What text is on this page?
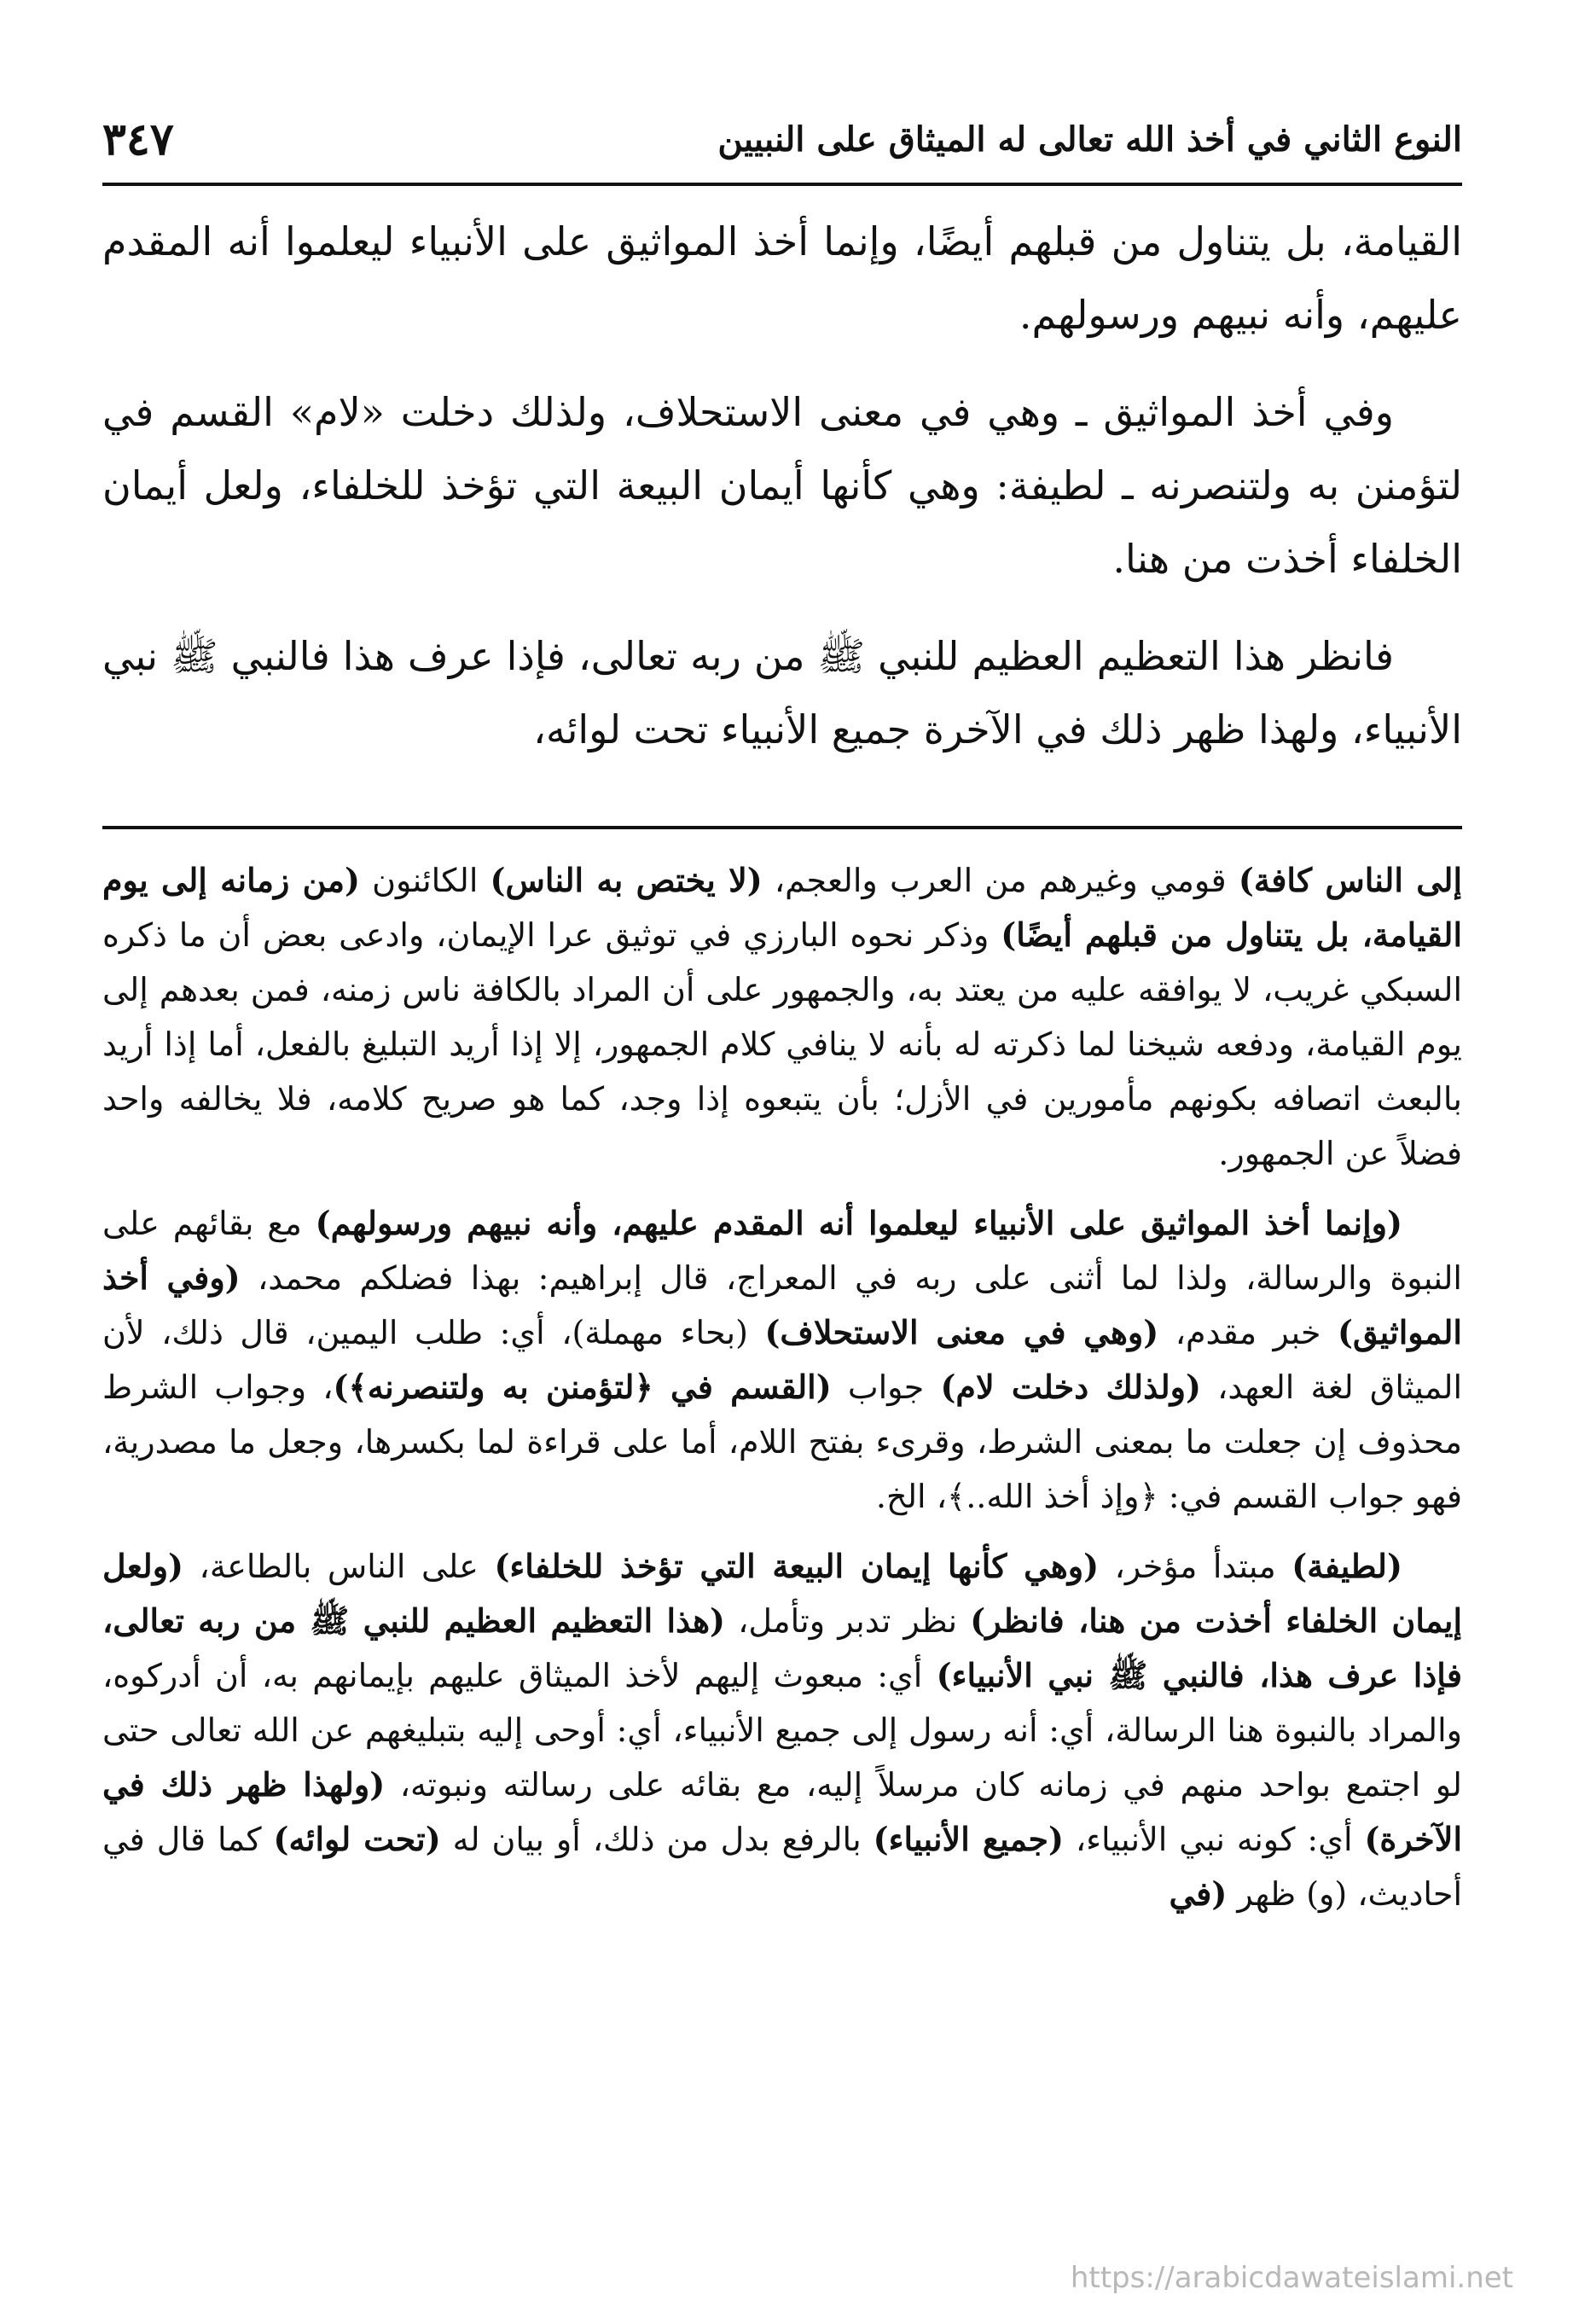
النوع الثاني في أخذ الله تعالى له الميثاق على النبيين
٣٤٧

القيامة، بل يتناول من قبلهم أيضًا، وإنما أخذ المواثيق على الأنبياء ليعلموا أنه المقدم عليهم، وأنه نبيهم ورسولهم.

وفي أخذ المواثيق ـ وهي في معنى الاستحلاف، ولذلك دخلت «لام» القسم في لتؤمنن به ولتنصرنه ـ لطيفة: وهي كأنها أيمان البيعة التي تؤخذ للخلفاء، ولعل أيمان الخلفاء أخذت من هنا.

فانظر هذا التعظيم العظيم للنبي ﷺ من ربه تعالى، فإذا عرف هذا فالنبي ﷺ نبي الأنبياء، ولهذا ظهر ذلك في الآخرة جميع الأنبياء تحت لوائه،

إلى الناس كافة) قومي وغيرهم من العرب والعجم، (لا يختص به الناس) الكائنون (من زمانه إلى يوم القيامة، بل يتناول من قبلهم أيضًا) وذكر نحوه البارزي في توثيق عرا الإيمان، وادعى بعض أن ما ذكره السبكي غريب، لا يوافقه عليه من يعتد به، والجمهور على أن المراد بالكافة ناس زمنه، فمن بعدهم إلى يوم القيامة، ودفعه شيخنا لما ذكرته له بأنه لا ينافي كلام الجمهور، إلا إذا أريد التبليغ بالفعل، أما إذا أريد بالبعث اتصافه بكونهم مأمورين في الأزل؛ بأن يتبعوه إذا وجد، كما هو صريح كلامه، فلا يخالفه واحد فضلاً عن الجمهور.

(وإنما أخذ المواثيق على الأنبياء ليعلموا أنه المقدم عليهم، وأنه نبيهم ورسولهم) مع بقائهم على النبوة والرسالة، ولذا لما أثنى على ربه في المعراج، قال إبراهيم: بهذا فضلكم محمد، (وفي أخذ المواثيق) خبر مقدم، (وهي في معنى الاستحلاف) (بحاء مهملة)، أي: طلب اليمين، قال ذلك، لأن الميثاق لغة العهد، (ولذلك دخلت لام) جواب (القسم في ﴿لتؤمنن به ولتنصرنه﴾)، وجواب الشرط محذوف إن جعلت ما بمعنى الشرط، وقرىء بفتح اللام، أما على قراءة لما بكسرها، وجعل ما مصدرية، فهو جواب القسم في: ﴿وإذ أخذ الله..﴾، الخ.

(لطيفة) مبتدأ مؤخر، (وهي كأنها إيمان البيعة التي تؤخذ للخلفاء) على الناس بالطاعة، (ولعل إيمان الخلفاء أخذت من هنا، فانظر) نظر تدبر وتأمل، (هذا التعظيم العظيم للنبي ﷺ من ربه تعالى، فإذا عرف هذا، فالنبي ﷺ نبي الأنبياء) أي: مبعوث إليهم لأخذ الميثاق عليهم بإيمانهم به، أن أدركوه، والمراد بالنبوة هنا الرسالة، أي: أنه رسول إلى جميع الأنبياء، أي: أوحى إليه بتبليغهم عن الله تعالى حتى لو اجتمع بواحد منهم في زمانه كان مرسلاً إليه، مع بقائه على رسالته ونبوته، (ولهذا ظهر ذلك في الآخرة) أي: كونه نبي الأنبياء، (جميع الأنبياء) بالرفع بدل من ذلك، أو بيان له (تحت لوائه) كما قال في أحاديث، (و) ظهر (في

https://arabicdawateislami.net
